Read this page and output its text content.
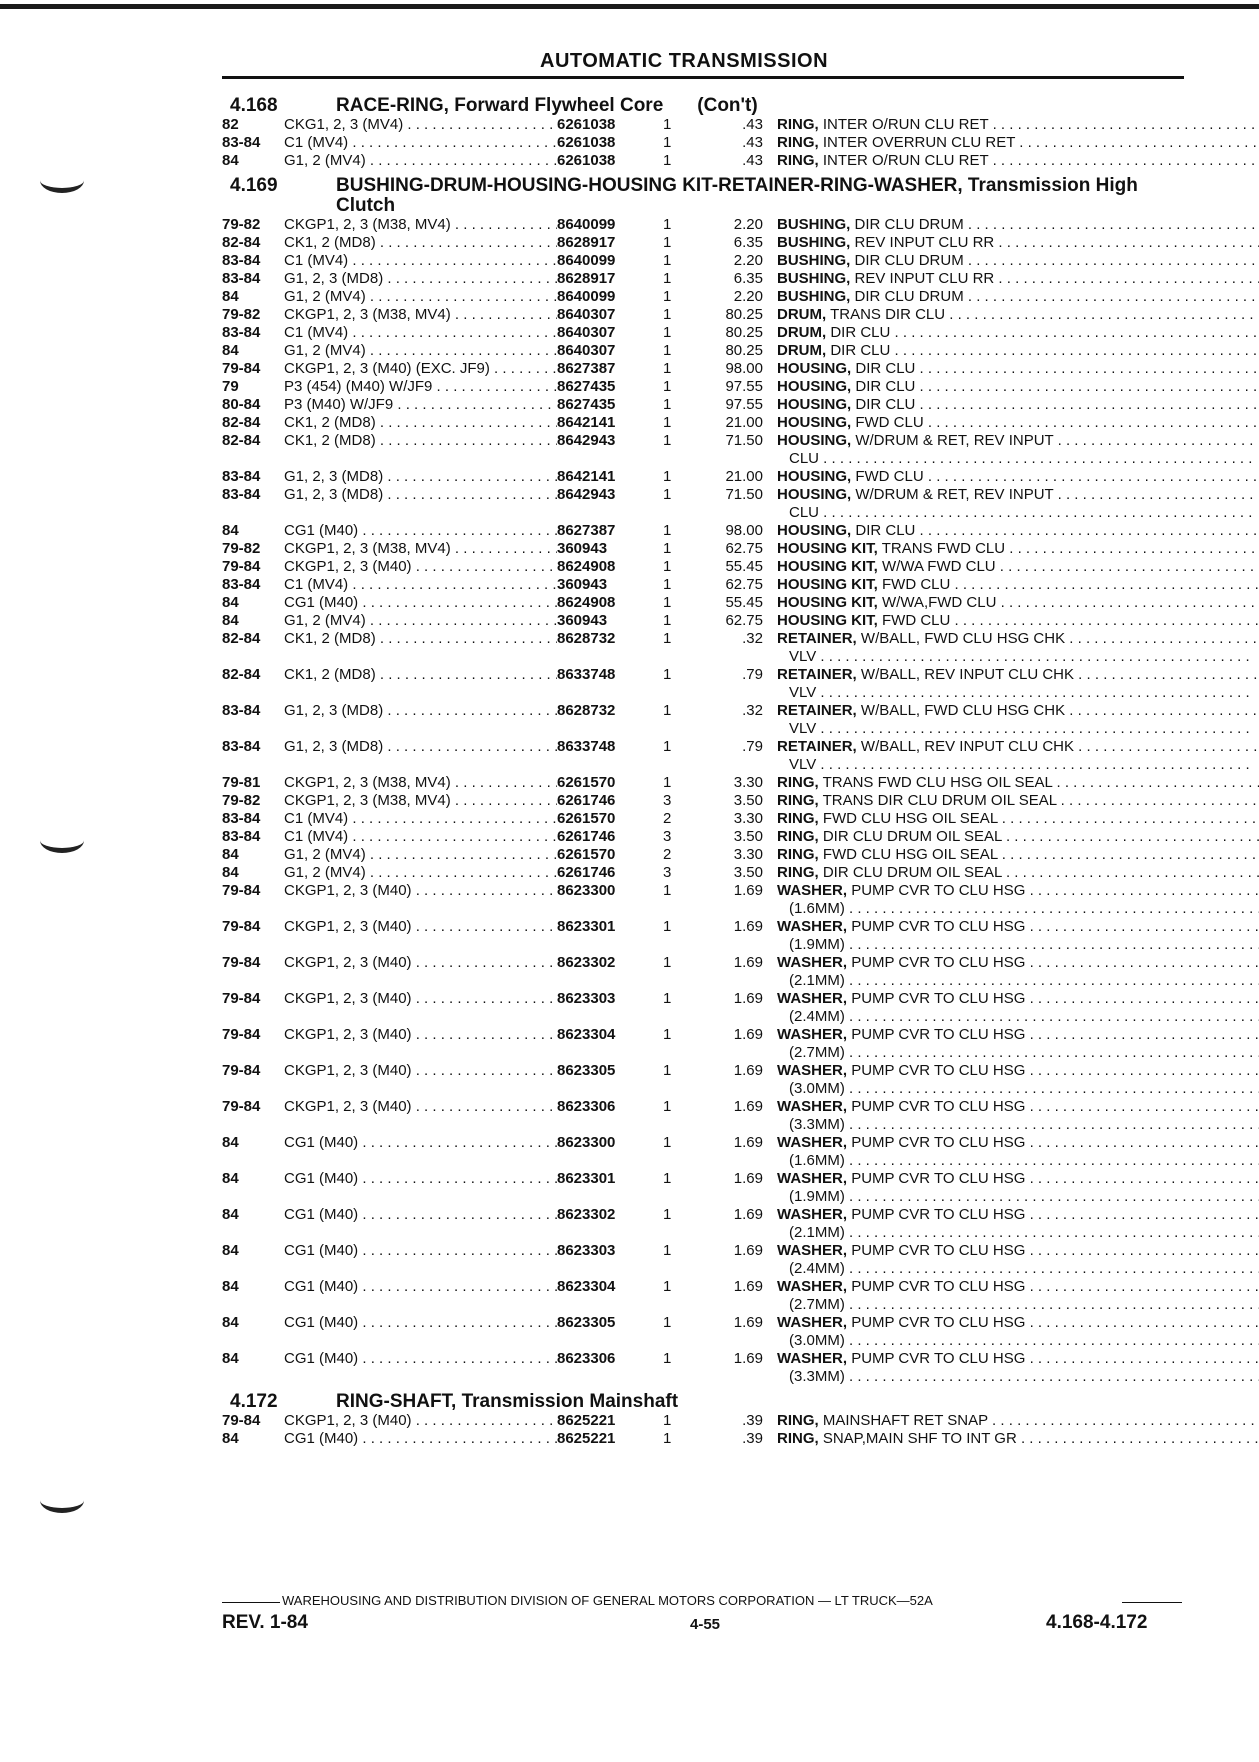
AUTOMATIC TRANSMISSION
4.168	RACE-RING, Forward Flywheel Core (Con't)
82	CKG1, 2, 3 (MV4) . . .	6261038	1	.43 RING, INTER O/RUN CLU RET . . .
83-84	C1 (MV4) . . .	6261038	1	.43 RING, INTER OVERRUN CLU RET . . .
84	G1, 2 (MV4) . . .	6261038	1	.43 RING, INTER O/RUN CLU RET . . .
4.169	BUSHING-DRUM-HOUSING-HOUSING KIT-RETAINER-RING-WASHER, Transmission High Clutch
79-82	CKGP1, 2, 3 (M38, MV4) . . .	8640099	1	2.20 BUSHING, DIR CLU DRUM . . .
82-84	CK1, 2 (MD8) . . .	8628917	1	6.35 BUSHING, REV INPUT CLU RR . . .
83-84	C1 (MV4) . . .	8640099	1	2.20 BUSHING, DIR CLU DRUM . . .
83-84	G1, 2, 3 (MD8) . . .	8628917	1	6.35 BUSHING, REV INPUT CLU RR . . .
84	G1, 2 (MV4) . . .	8640099	1	2.20 BUSHING, DIR CLU DRUM . . .
79-82	CKGP1, 2, 3 (M38, MV4) . . .	8640307	1	80.25 DRUM, TRANS DIR CLU . . .
83-84	C1 (MV4) . . .	8640307	1	80.25 DRUM, DIR CLU . . .
84	G1, 2 (MV4) . . .	8640307	1	80.25 DRUM, DIR CLU . . .
79-84	CKGP1, 2, 3 (M40) (EXC. JF9) . . .	8627387	1	98.00 HOUSING, DIR CLU . . .
79	P3 (454) (M40) W/JF9 . . .	8627435	1	97.55 HOUSING, DIR CLU . . .
80-84	P3 (M40) W/JF9 . . .	8627435	1	97.55 HOUSING, DIR CLU . . .
82-84	CK1, 2 (MD8) . . .	8642141	1	21.00 HOUSING, FWD CLU . . .
82-84	CK1, 2 (MD8) . . .	8642943	1	71.50 HOUSING, W/DRUM & RET, REV INPUT . . .
CLU . . .
83-84	G1, 2, 3 (MD8) . . .	8642141	1	21.00 HOUSING, FWD CLU . . .
83-84	G1, 2, 3 (MD8) . . .	8642943	1	71.50 HOUSING, W/DRUM & RET, REV INPUT . . .
CLU . . .
84	CG1 (M40) . . .	8627387	1	98.00 HOUSING, DIR CLU . . .
79-82	CKGP1, 2, 3 (M38, MV4) . . .	360943	1	62.75 HOUSING KIT, TRANS FWD CLU . . .
79-84	CKGP1, 2, 3 (M40) . . .	8624908	1	55.45 HOUSING KIT, W/WA FWD CLU . . .
83-84	C1 (MV4) . . .	360943	1	62.75 HOUSING KIT, FWD CLU . . .
84	CG1 (M40) . . .	8624908	1	55.45 HOUSING KIT, W/WA,FWD CLU . . .
84	G1, 2 (MV4) . . .	360943	1	62.75 HOUSING KIT, FWD CLU . . .
82-84	CK1, 2 (MD8) . . .	8628732	1	.32 RETAINER, W/BALL, FWD CLU HSG CHK . . .
VLV . . .
82-84	CK1, 2 (MD8) . . .	8633748	1	.79 RETAINER, W/BALL, REV INPUT CLU CHK . . .
VLV . . .
83-84	G1, 2, 3 (MD8) . . .	8628732	1	.32 RETAINER, W/BALL, FWD CLU HSG CHK . . .
VLV . . .
83-84	G1, 2, 3 (MD8) . . .	8633748	1	.79 RETAINER, W/BALL, REV INPUT CLU CHK . . .
VLV . . .
79-81	CKGP1, 2, 3 (M38, MV4) . . .	6261570	1	3.30 RING, TRANS FWD CLU HSG OIL SEAL . . .
79-82	CKGP1, 2, 3 (M38, MV4) . . .	6261746	3	3.50 RING, TRANS DIR CLU DRUM OIL SEAL . . .
83-84	C1 (MV4) . . .	6261570	2	3.30 RING, FWD CLU HSG OIL SEAL . . .
83-84	C1 (MV4) . . .	6261746	3	3.50 RING, DIR CLU DRUM OIL SEAL . . .
84	G1, 2 (MV4) . . .	6261570	2	3.30 RING, FWD CLU HSG OIL SEAL . . .
84	G1, 2 (MV4) . . .	6261746	3	3.50 RING, DIR CLU DRUM OIL SEAL . . .
79-84	CKGP1, 2, 3 (M40) . . .	8623300	1	1.69 WASHER, PUMP CVR TO CLU HSG . . .
(1.6MM) . . .
79-84	CKGP1, 2, 3 (M40) . . .	8623301	1	1.69 WASHER, PUMP CVR TO CLU HSG . . .
(1.9MM) . . .
79-84	CKGP1, 2, 3 (M40) . . .	8623302	1	1.69 WASHER, PUMP CVR TO CLU HSG . . .
(2.1MM) . . .
79-84	CKGP1, 2, 3 (M40) . . .	8623303	1	1.69 WASHER, PUMP CVR TO CLU HSG . . .
(2.4MM) . . .
79-84	CKGP1, 2, 3 (M40) . . .	8623304	1	1.69 WASHER, PUMP CVR TO CLU HSG . . .
(2.7MM) . . .
79-84	CKGP1, 2, 3 (M40) . . .	8623305	1	1.69 WASHER, PUMP CVR TO CLU HSG . . .
(3.0MM) . . .
79-84	CKGP1, 2, 3 (M40) . . .	8623306	1	1.69 WASHER, PUMP CVR TO CLU HSG . . .
(3.3MM) . . .
84	CG1 (M40) . . .	8623300	1	1.69 WASHER, PUMP CVR TO CLU HSG . . .
(1.6MM) . . .
84	CG1 (M40) . . .	8623301	1	1.69 WASHER, PUMP CVR TO CLU HSG . . .
(1.9MM) . . .
84	CG1 (M40) . . .	8623302	1	1.69 WASHER, PUMP CVR TO CLU HSG . . .
(2.1MM) . . .
84	CG1 (M40) . . .	8623303	1	1.69 WASHER, PUMP CVR TO CLU HSG . . .
(2.4MM) . . .
84	CG1 (M40) . . .	8623304	1	1.69 WASHER, PUMP CVR TO CLU HSG . . .
(2.7MM) . . .
84	CG1 (M40) . . .	8623305	1	1.69 WASHER, PUMP CVR TO CLU HSG . . .
(3.0MM) . . .
84	CG1 (M40) . . .	8623306	1	1.69 WASHER, PUMP CVR TO CLU HSG . . .
(3.3MM) . . .
4.172	RING-SHAFT, Transmission Mainshaft
79-84	CKGP1, 2, 3 (M40) . . .	8625221	1	.39 RING, MAINSHAFT RET SNAP . . .
84	CG1 (M40) . . .	8625221	1	.39 RING, SNAP,MAIN SHF TO INT GR . . .
WAREHOUSING AND DISTRIBUTION DIVISION OF GENERAL MOTORS CORPORATION — LT TRUCK—52A
REV. 1-84	4-55	4.168-4.172
